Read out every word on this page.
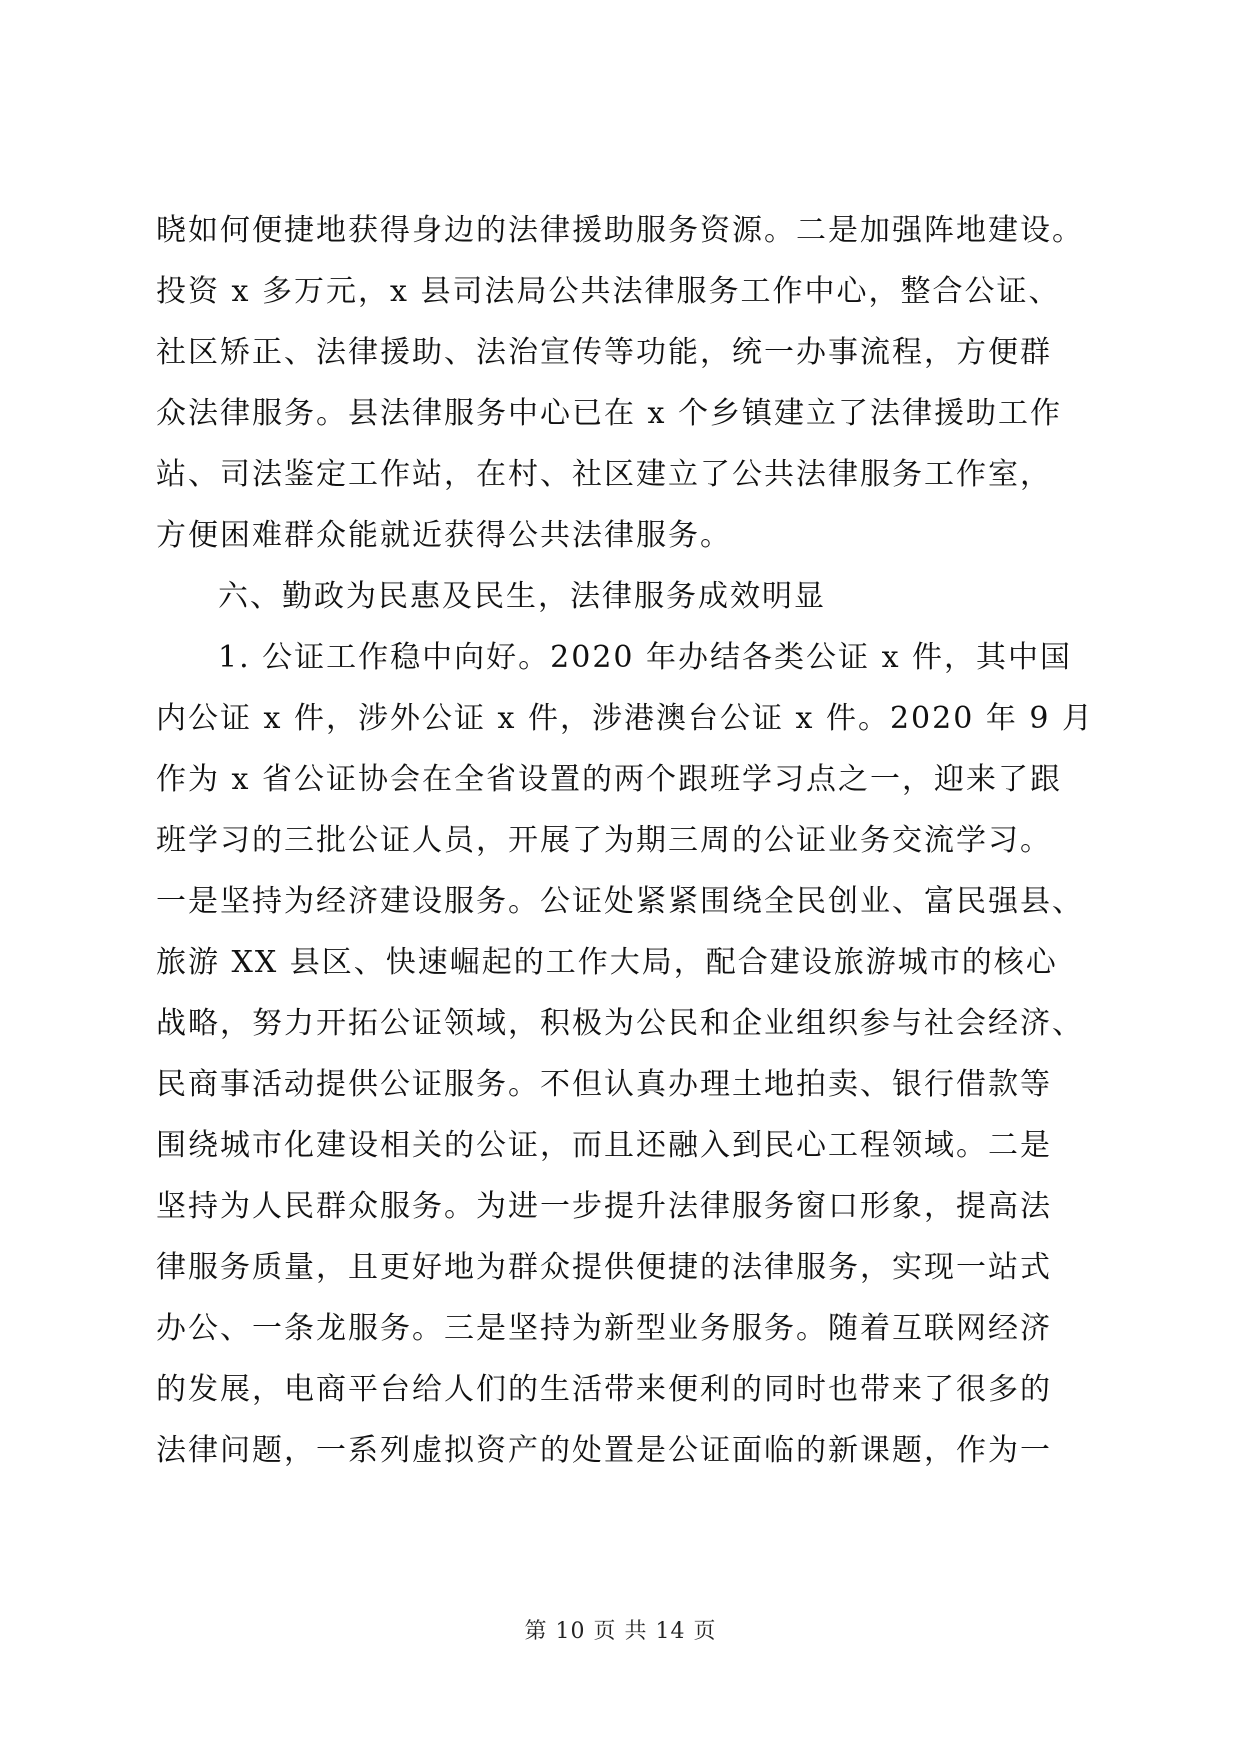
晓如何便捷地获得身边的法律援助服务资源。二是加强阵地建设。

投资 x 多万元，x 县司法局公共法律服务工作中心，整合公证、

社区矫正、法律援助、法治宣传等功能，统一办事流程，方便群

众法律服务。县法律服务中心已在 x 个乡镇建立了法律援助工作

站、司法鉴定工作站，在村、社区建立了公共法律服务工作室，

方便困难群众能就近获得公共法律服务。

六、勤政为民惠及民生，法律服务成效明显

1. 公证工作稳中向好。2020 年办结各类公证 x 件，其中国

内公证 x 件，涉外公证 x 件，涉港澳台公证 x 件。2020 年 9 月

作为 x 省公证协会在全省设置的两个跟班学习点之一，迎来了跟

班学习的三批公证人员，开展了为期三周的公证业务交流学习。

一是坚持为经济建设服务。公证处紧紧围绕全民创业、富民强县、

旅游 XX 县区、快速崛起的工作大局，配合建设旅游城市的核心

战略，努力开拓公证领域，积极为公民和企业组织参与社会经济、

民商事活动提供公证服务。不但认真办理土地拍卖、银行借款等

围绕城市化建设相关的公证，而且还融入到民心工程领域。二是

坚持为人民群众服务。为进一步提升法律服务窗口形象，提高法

律服务质量，且更好地为群众提供便捷的法律服务，实现一站式

办公、一条龙服务。三是坚持为新型业务服务。随着互联网经济

的发展，电商平台给人们的生活带来便利的同时也带来了很多的

法律问题，一系列虚拟资产的处置是公证面临的新课题，作为一

第 10 页 共 14 页
